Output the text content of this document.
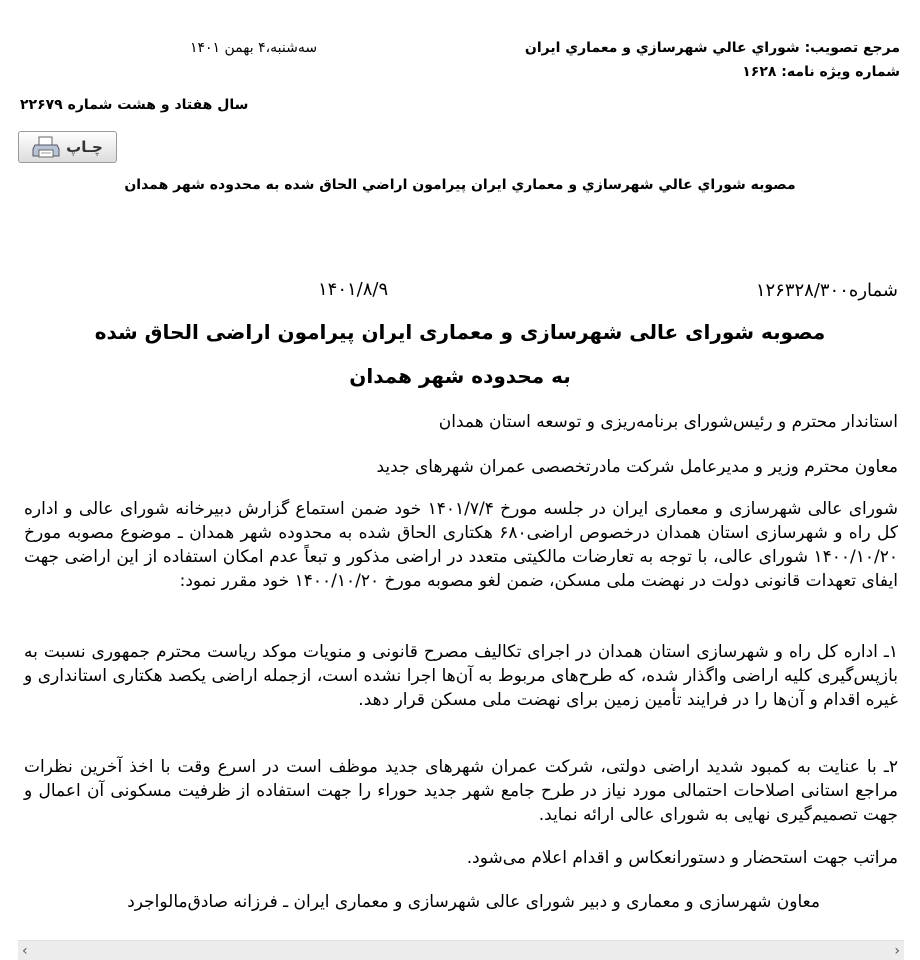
مرجع تصویب: شوراي عالي شهرسازي و معماري ايران
سه‌شنبه،۴ بهمن ۱۴۰۱
شماره ویژه نامه: ۱۶۲۸
سال هفتاد و هشت شماره ۲۲۶۷۹
چـاپ
مصوبه شوراي عالي شهرسازي و معماري ايران پيرامون اراضي الحاق شده به محدوده شهر همدان
شماره۱۲۶۳۲۸/۳۰۰
۱۴۰۱/۸/۹
مصوبه شورای عالی شهرسازی و معماری ایران پیرامون اراضی الحاق شده
به محدوده شهر همدان
استاندار محترم و رئیس‌شورای برنامه‌ریزی و توسعه استان همدان
معاون محترم وزیر و مدیرعامل شرکت مادرتخصصی عمران شهرهای جدید
شورای عالی شهرسازی و معماری ایران در جلسه مورخ ۱۴۰۱/۷/۴ خود ضمن استماع گزارش دبیرخانه شورای عالی و اداره کل راه و شهرسازی استان همدان درخصوص اراضی۶۸۰ هکتاری الحاق شده به محدوده شهر همدان ـ موضوع مصوبه مورخ ۱۴۰۰/۱۰/۲۰ شورای عالی، با توجه به تعارضات مالکیتی متعدد در اراضی مذکور و تبعاً عدم امکان استفاده از این اراضی جهت ایفای تعهدات قانونی دولت در نهضت ملی مسکن، ضمن لغو مصوبه مورخ ۱۴۰۰/۱۰/۲۰ خود مقرر نمود:
۱ـ اداره کل راه و شهرسازی استان همدان در اجرای تکالیف مصرح قانونی و منویات موکد ریاست محترم جمهوری نسبت به بازپس‌گیری کلیه اراضی واگذار شده، که طرح‌های مربوط به آن‌ها اجرا نشده است، ازجمله اراضی یکصد هکتاری استانداری و غیره اقدام و آن‌ها را در فرایند تأمین زمین برای نهضت ملی مسکن قرار دهد.
۲ـ با عنایت به کمبود شدید اراضی دولتی، شرکت عمران شهرهای جدید موظف است در اسرع وقت با اخذ آخرین نظرات مراجع استانی اصلاحات احتمالی مورد نیاز در طرح جامع شهر جدید حوراء را جهت استفاده از ظرفیت مسکونی آن اعمال و جهت تصمیم‌گیری نهایی به شورای عالی ارائه نماید.
مراتب جهت استحضار و دستورانعکاس و اقدام اعلام می‌شود.
معاون شهرسازی و معماری و دبیر شورای عالی شهرسازی و معماری ایران ـ فرزانه صادق‌مالواجرد
‹	›
